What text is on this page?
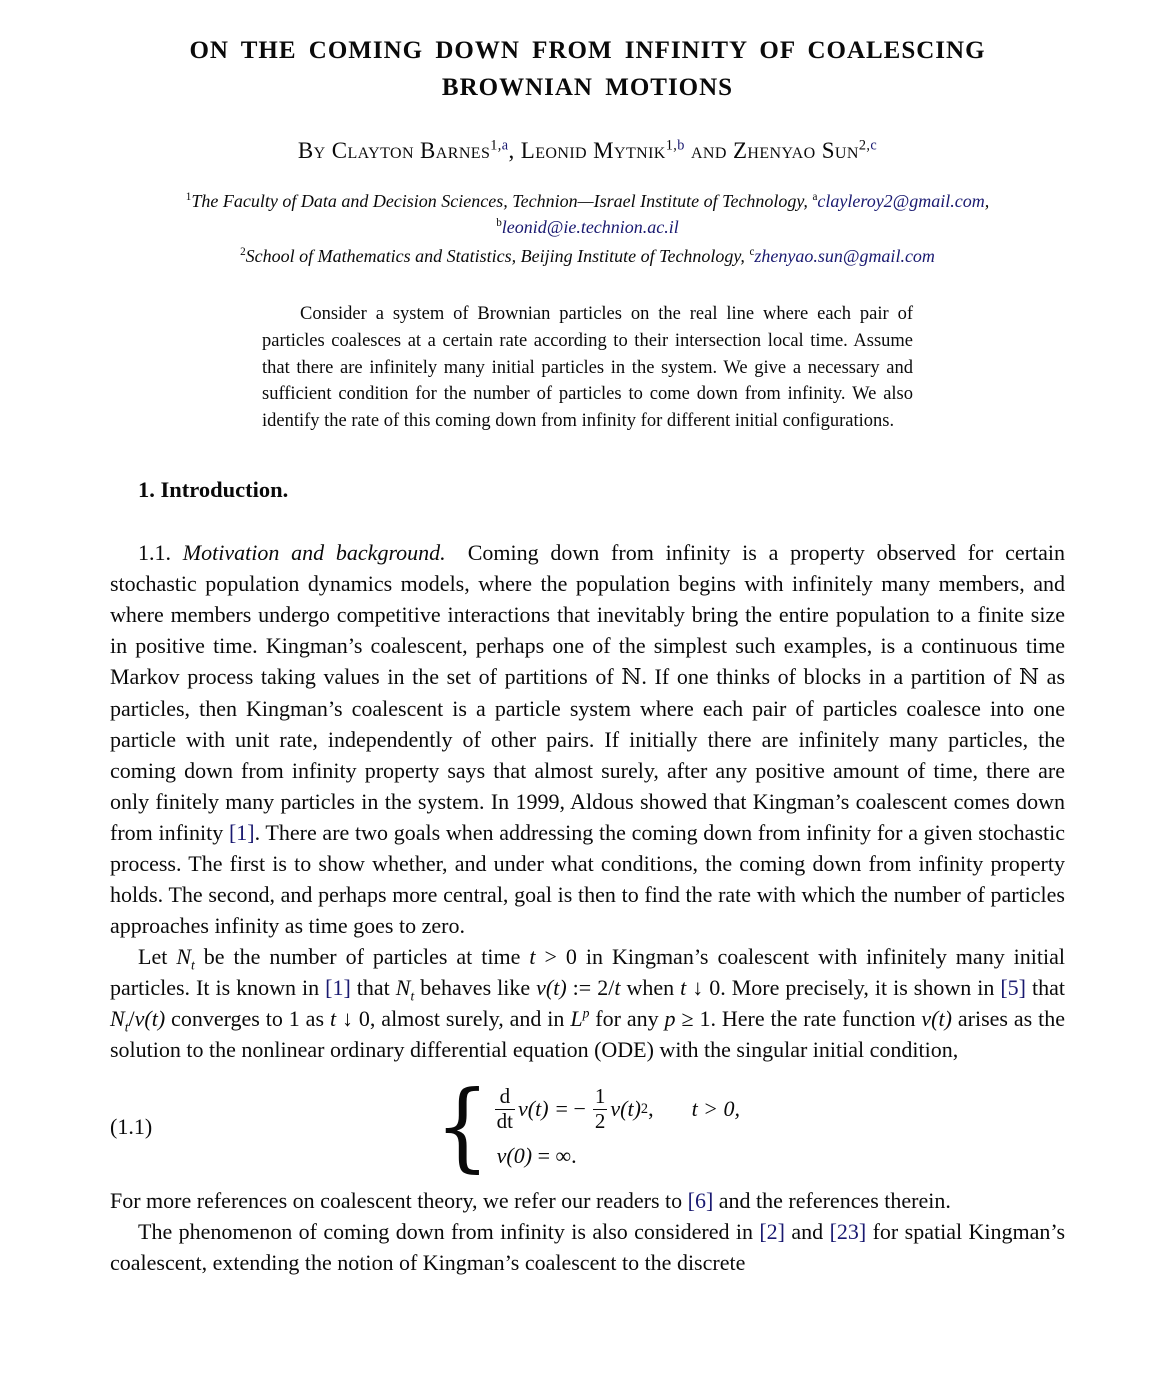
ON THE COMING DOWN FROM INFINITY OF COALESCING
BROWNIAN MOTIONS
By Clayton Barnes$^{1,a}$, Leonid Mytnik$^{1,b}$ and Zhenyao Sun$^{2,c}$
$^1$The Faculty of Data and Decision Sciences, Technion—Israel Institute of Technology, $^a$clayleroy2@gmail.com,
$^b$leonid@ie.technion.ac.il
$^2$School of Mathematics and Statistics, Beijing Institute of Technology, $^c$zhenyao.sun@gmail.com
Consider a system of Brownian particles on the real line where each pair of particles coalesces at a certain rate according to their intersection local time. Assume that there are infinitely many initial particles in the system. We give a necessary and sufficient condition for the number of particles to come down from infinity. We also identify the rate of this coming down from infinity for different initial configurations.
1. Introduction.

1.1. Motivation and background.  Coming down from infinity is a property observed for certain stochastic population dynamics models, where the population begins with infinitely many members, and where members undergo competitive interactions that inevitably bring the entire population to a finite size in positive time. Kingman’s coalescent, perhaps one of the simplest such examples, is a continuous time Markov process taking values in the set of partitions of ℕ. If one thinks of blocks in a partition of ℕ as particles, then Kingman’s coalescent is a particle system where each pair of particles coalesce into one particle with unit rate, independently of other pairs. If initially there are infinitely many particles, the coming down from infinity property says that almost surely, after any positive amount of time, there are only finitely many particles in the system. In 1999, Aldous showed that Kingman’s coalescent comes down from infinity [1]. There are two goals when addressing the coming down from infinity for a given stochastic process. The first is to show whether, and under what conditions, the coming down from infinity property holds. The second, and perhaps more central, goal is then to find the rate with which the number of particles approaches infinity as time goes to zero.

Let $N_t$ be the number of particles at time t > 0 in Kingman’s coalescent with infinitely many initial particles. It is known in [1] that $N_t$ behaves like v(t) := 2/t when t ↓ 0. More precisely, it is shown in [5] that $N_t/v(t)$ converges to 1 as t ↓ 0, almost surely, and in $L^p$ for any p ≥ 1. Here the rate function v(t) arises as the solution to the nonlinear ordinary differential equation (ODE) with the singular initial condition,

(1.1)	{ $\frac{d}{dt} v(t)$ = − $\frac{1}{2} v(t)$ 2 , t > 0,
v(0) = ∞.

For more references on coalescent theory, we refer our readers to [6] and the references therein.

The phenomenon of coming down from infinity is also considered in [2] and [23] for spatial Kingman’s coalescent, extending the notion of Kingman’s coalescent to the discrete
